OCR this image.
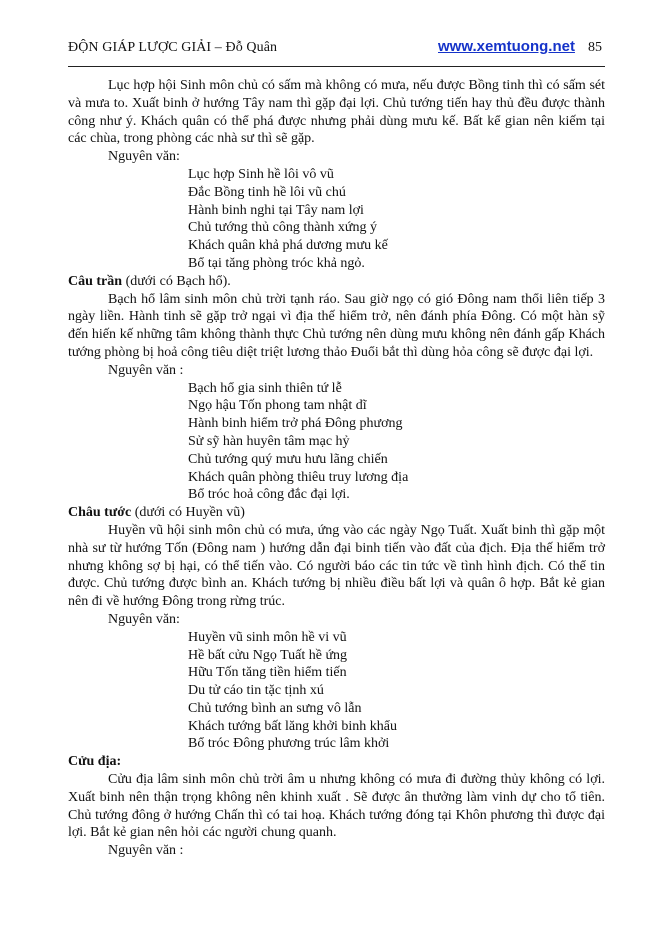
ĐỘN GIÁP LƯỢC GIẢI – Đỗ Quân	www.xemtuong.net 85

Lục hợp hội Sinh môn chủ có sấm mà không có mưa, nếu được Bồng tinh thì có sấm sét và mưa to. Xuất binh ở hướng Tây nam thì gặp đại lợi. Chủ tướng tiến hay thủ đều được thành công như ý. Khách quân có thể phá được nhưng phải dùng mưu kế. Bất kể gian nên kiếm tại các chùa, trong phòng các nhà sư thì sẽ gặp.

Nguyên văn:

Lục hợp Sinh hề lôi vô vũ

Đắc Bồng tinh hề lôi vũ chú

Hành binh nghi tại Tây nam lợi

Chủ tướng thủ công thành xứng ý

Khách quân khả phá dương mưu kế

Bổ tại tăng phòng tróc khả ngỏ.

Câu trần (dưới có Bạch hổ).

Bạch hổ lâm sinh môn chủ trời tạnh ráo. Sau giờ ngọ có gió Đông nam thổi liên tiếp 3 ngày liền. Hành tinh sẽ gặp trở ngại vì địa thế hiểm trở, nên đánh phía Đông. Có một hàn sỹ đến hiến kế những tâm không thành thực Chủ tướng nên dùng mưu không nên đánh gấp Khách tướng phòng bị hoả công tiêu diệt triệt lương thảo Đuổi bắt thì dùng hỏa công sẽ được đại lợi.

Nguyên văn :

Bạch hổ gia sinh thiên tứ lễ

Ngọ hậu Tốn phong tam nhật dĩ

Hành binh hiểm trở phá Đông phương

Sử sỹ hàn huyên tâm mạc hỷ

Chủ tướng quý mưu hưu lãng chiến

Khách quân phòng thiêu truy lương địa

Bổ tróc hoả công đắc đại lợi.

Châu tước (dưới có Huyền vũ)

Huyền vũ hội sinh môn chủ có mưa, ứng vào các ngày Ngọ Tuất. Xuất binh thì gặp một nhà sư từ hướng Tốn (Đông nam ) hướng dẫn đại binh tiến vào đất của địch. Địa thế hiểm trở nhưng không sợ bị hại, có thể tiến vào. Có người báo các tin tức về tình hình địch. Có thể tin được. Chủ tướng được bình an. Khách tướng bị nhiều điều bất lợi và quân ô hợp. Bắt kẻ gian nên đi về hướng Đông trong rừng trúc.

Nguyên văn:

Huyền vũ sinh môn hề vi vũ

Hề bất cửu Ngọ Tuất hề ứng

Hữu Tốn tăng tiền hiểm tiến

Du tử cáo tin tặc tịnh xú

Chủ tướng bình an sưng vô lẫn

Khách tướng bất lăng khởi binh khẩu

Bổ tróc Đông phương trúc lâm khởi

Cửu địa:

Cửu địa lâm sinh môn chủ trời âm u nhưng không có mưa đi đường thủy không có lợi. Xuất binh nên thận trọng không nên khinh xuất . Sẽ được ân thưởng làm vinh dự cho tổ tiên. Chủ tướng đông ở hướng Chấn thì có tai hoạ. Khách tướng đóng tại Khôn phương thì được đại lợi. Bắt kẻ gian nên hỏi các người chung quanh.

Nguyên văn :
